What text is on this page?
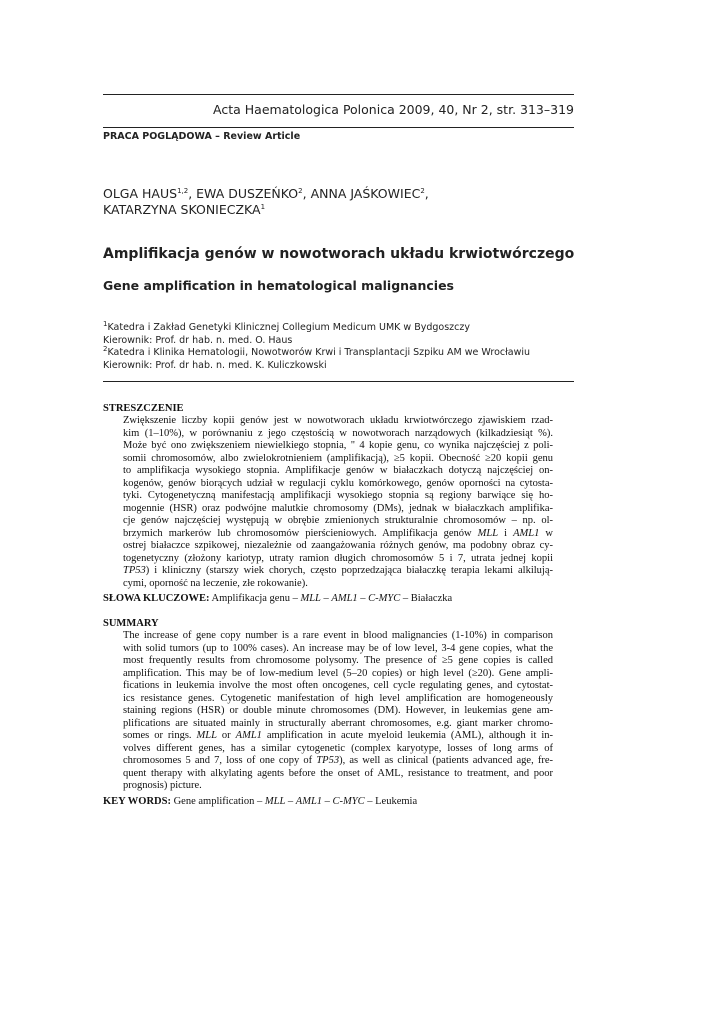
Acta Haematologica Polonica 2009, 40, Nr 2, str. 313–319
PRACA POGLĄDOWA – Review Article
OLGA HAUS$^{1,2}$, EWA DUSZEŃKO$^2$, ANNA JAŚKOWIEC$^2$,
KATARZYNA SKONIECZKA$^1$
Amplifikacja genów w nowotworach układu krwiotwórczego
Gene amplification in hematological malignancies
$^1$Katedra i Zakład Genetyki Klinicznej Collegium Medicum UMK w Bydgoszczy
Kierownik: Prof. dr hab. n. med. O. Haus
$^2$Katedra i Klinika Hematologii, Nowotworów Krwi i Transplantacji Szpiku AM we Wrocławiu
Kierownik: Prof. dr hab. n. med. K. Kuliczkowski
STRESZCZENIE
Zwiększenie liczby kopii genów jest w nowotworach układu krwiotwórczego zjawiskiem rzad-
kim (1–10%), w porównaniu z jego częstością w nowotworach narządowych (kilkadziesiąt %).
Może być ono zwiększeniem niewielkiego stopnia, " 4 kopie genu, co wynika najczęściej z poli-
somii chromosomów, albo zwielokrotnieniem (amplifikacją), ≥5 kopii. Obecność ≥20 kopii genu
to amplifikacja wysokiego stopnia. Amplifikacje genów w białaczkach dotyczą najczęściej on-
kogenów, genów biorących udział w regulacji cyklu komórkowego, genów oporności na cytosta-
tyki. Cytogenetyczną manifestacją amplifikacji wysokiego stopnia są regiony barwiące się ho-
mogennie (HSR) oraz podwójne malutkie chromosomy (DMs), jednak w białaczkach amplifika-
cje genów najczęściej występują w obrębie zmienionych strukturalnie chromosomów – np. ol-
brzymich markerów lub chromosomów pierścieniowych. Amplifikacja genów MLL i AML1 w
ostrej białaczce szpikowej, niezależnie od zaangażowania różnych genów, ma podobny obraz cy-
togenetyczny (złożony kariotyp, utraty ramion długich chromosomów 5 i 7, utrata jednej kopii
TP53) i kliniczny (starszy wiek chorych, często poprzedzająca białaczkę terapia lekami alkilują-
cymi, oporność na leczenie, złe rokowanie).
SŁOWA KLUCZOWE: Amplifikacja genu – MLL – AML1 – C-MYC – Białaczka
SUMMARY
The increase of gene copy number is a rare event in blood malignancies (1-10%) in comparison
with solid tumors (up to 100% cases). An increase may be of low level, 3-4 gene copies, what the
most frequently results from chromosome polysomy. The presence of ≥5 gene copies is called
amplification. This may be of low-medium level (5–20 copies) or high level (≥20). Gene ampli-
fications in leukemia involve the most often oncogenes, cell cycle regulating genes, and cytostat-
ics resistance genes. Cytogenetic manifestation of high level amplification are homogeneously
staining regions (HSR) or double minute chromosomes (DM). However, in leukemias gene am-
plifications are situated mainly in structurally aberrant chromosomes, e.g. giant marker chromo-
somes or rings. MLL or AML1 amplification in acute myeloid leukemia (AML), although it in-
volves different genes, has a similar cytogenetic (complex karyotype, losses of long arms of
chromosomes 5 and 7, loss of one copy of TP53), as well as clinical (patients advanced age, fre-
quent therapy with alkylating agents before the onset of AML, resistance to treatment, and poor
prognosis) picture.
KEY WORDS: Gene amplification – MLL – AML1 – C-MYC – Leukemia
